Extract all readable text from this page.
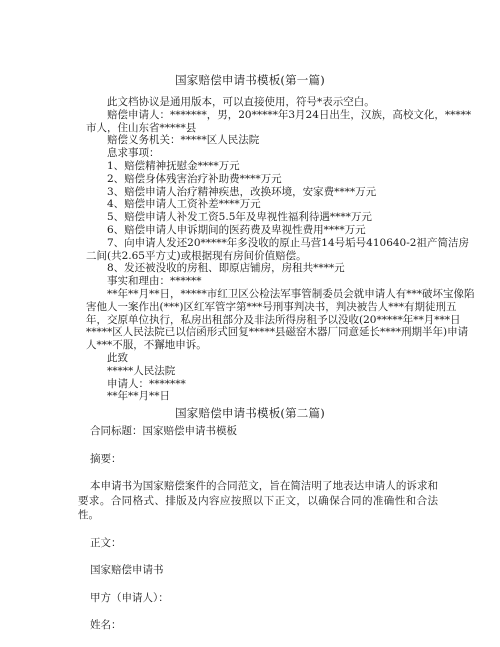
国家赔偿申请书模板(第一篇)
　　此文档协议是通用版本，可以直接使用，符号*表示空白。
　　赔偿申请人：*******，男，20*****年3月24日出生，汉族，高校文化，*****
市人，住山东省*****县
　　赔偿义务机关：*****区人民法院
　　息求事项：
　　1、赔偿精神抚慰金****万元
　　2、赔偿身体残害治疗补助费****万元
　　3、赔偿申请人治疗精神疾患，改换环境，安家费****万元
　　4、赔偿申请人工资补差****万元
　　5、赔偿申请人补发工资5.5年及卑视性福利待遇****万元
　　6、赔偿申请人申诉期间的医药费及卑视性费用****万元
　　7、向申请人发还20*****年多没收的原止马营14号垢号410640-2祖产简洁房
二间(共2.65平方丈)或根据现有房间价值赔偿。
　　8、发还被没收的房租、即原店铺房，房租共****元
　　事实和理由：******
　　**年**月**日，*****市红卫区公检法军事管制委员会就申请人有***破坏宝像陷
害他人一案作出(***)区红军管字第***号刑事判决书，判决被告人***有期徒刑五
年，交原单位执行，私房出租部分及非法所得房租予以没收(20*****年**月***日
*****区人民法院已以信函形式回复*****县磁窑木器厂同意延长****刑期半年)申请
人***不服，不獬地申诉。
　　此致
　　*****人民法院
　　申请人：*******
　　**年**月**日
国家赔偿申请书模板(第二篇)
合同标题：国家赔偿申请书模板
摘要：
本申请书为国家赔偿案件的合同范文，旨在简洁明了地表达申请人的诉求和要求。合同格式、排版及内容应按照以下正文，以确保合同的准确性和合法性。
正文：
国家赔偿申请书
甲方（申请人）：
姓名：
